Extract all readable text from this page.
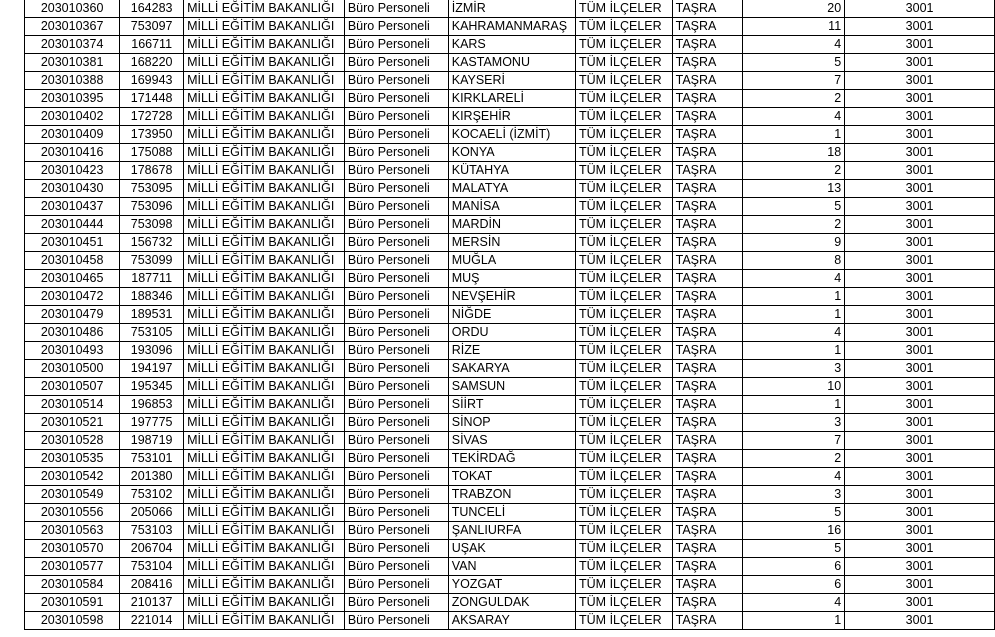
203010360	164283	MİLLİ EĞİTİM BAKANLIĞI	Büro Personeli	İZMİR	TÜM İLÇELER	TAŞRA	20	3001
203010367	753097	MİLLİ EĞİTİM BAKANLIĞI	Büro Personeli	KAHRAMANMARAŞ	TÜM İLÇELER	TAŞRA	11	3001
203010374	166711	MİLLİ EĞİTİM BAKANLIĞI	Büro Personeli	KARS	TÜM İLÇELER	TAŞRA	4	3001
203010381	168220	MİLLİ EĞİTİM BAKANLIĞI	Büro Personeli	KASTAMONU	TÜM İLÇELER	TAŞRA	5	3001
203010388	169943	MİLLİ EĞİTİM BAKANLIĞI	Büro Personeli	KAYSERİ	TÜM İLÇELER	TAŞRA	7	3001
203010395	171448	MİLLİ EĞİTİM BAKANLIĞI	Büro Personeli	KIRKLARELİ	TÜM İLÇELER	TAŞRA	2	3001
203010402	172728	MİLLİ EĞİTİM BAKANLIĞI	Büro Personeli	KIRŞEHİR	TÜM İLÇELER	TAŞRA	4	3001
203010409	173950	MİLLİ EĞİTİM BAKANLIĞI	Büro Personeli	KOCAELİ (İZMİT)	TÜM İLÇELER	TAŞRA	1	3001
203010416	175088	MİLLİ EĞİTİM BAKANLIĞI	Büro Personeli	KONYA	TÜM İLÇELER	TAŞRA	18	3001
203010423	178678	MİLLİ EĞİTİM BAKANLIĞI	Büro Personeli	KÜTAHYA	TÜM İLÇELER	TAŞRA	2	3001
203010430	753095	MİLLİ EĞİTİM BAKANLIĞI	Büro Personeli	MALATYA	TÜM İLÇELER	TAŞRA	13	3001
203010437	753096	MİLLİ EĞİTİM BAKANLIĞI	Büro Personeli	MANİSA	TÜM İLÇELER	TAŞRA	5	3001
203010444	753098	MİLLİ EĞİTİM BAKANLIĞI	Büro Personeli	MARDİN	TÜM İLÇELER	TAŞRA	2	3001
203010451	156732	MİLLİ EĞİTİM BAKANLIĞI	Büro Personeli	MERSİN	TÜM İLÇELER	TAŞRA	9	3001
203010458	753099	MİLLİ EĞİTİM BAKANLIĞI	Büro Personeli	MUĞLA	TÜM İLÇELER	TAŞRA	8	3001
203010465	187711	MİLLİ EĞİTİM BAKANLIĞI	Büro Personeli	MUŞ	TÜM İLÇELER	TAŞRA	4	3001
203010472	188346	MİLLİ EĞİTİM BAKANLIĞI	Büro Personeli	NEVŞEHİR	TÜM İLÇELER	TAŞRA	1	3001
203010479	189531	MİLLİ EĞİTİM BAKANLIĞI	Büro Personeli	NİĞDE	TÜM İLÇELER	TAŞRA	1	3001
203010486	753105	MİLLİ EĞİTİM BAKANLIĞI	Büro Personeli	ORDU	TÜM İLÇELER	TAŞRA	4	3001
203010493	193096	MİLLİ EĞİTİM BAKANLIĞI	Büro Personeli	RİZE	TÜM İLÇELER	TAŞRA	1	3001
203010500	194197	MİLLİ EĞİTİM BAKANLIĞI	Büro Personeli	SAKARYA	TÜM İLÇELER	TAŞRA	3	3001
203010507	195345	MİLLİ EĞİTİM BAKANLIĞI	Büro Personeli	SAMSUN	TÜM İLÇELER	TAŞRA	10	3001
203010514	196853	MİLLİ EĞİTİM BAKANLIĞI	Büro Personeli	SİİRT	TÜM İLÇELER	TAŞRA	1	3001
203010521	197775	MİLLİ EĞİTİM BAKANLIĞI	Büro Personeli	SİNOP	TÜM İLÇELER	TAŞRA	3	3001
203010528	198719	MİLLİ EĞİTİM BAKANLIĞI	Büro Personeli	SİVAS	TÜM İLÇELER	TAŞRA	7	3001
203010535	753101	MİLLİ EĞİTİM BAKANLIĞI	Büro Personeli	TEKİRDAĞ	TÜM İLÇELER	TAŞRA	2	3001
203010542	201380	MİLLİ EĞİTİM BAKANLIĞI	Büro Personeli	TOKAT	TÜM İLÇELER	TAŞRA	4	3001
203010549	753102	MİLLİ EĞİTİM BAKANLIĞI	Büro Personeli	TRABZON	TÜM İLÇELER	TAŞRA	3	3001
203010556	205066	MİLLİ EĞİTİM BAKANLIĞI	Büro Personeli	TUNCELİ	TÜM İLÇELER	TAŞRA	5	3001
203010563	753103	MİLLİ EĞİTİM BAKANLIĞI	Büro Personeli	ŞANLIURFA	TÜM İLÇELER	TAŞRA	16	3001
203010570	206704	MİLLİ EĞİTİM BAKANLIĞI	Büro Personeli	UŞAK	TÜM İLÇELER	TAŞRA	5	3001
203010577	753104	MİLLİ EĞİTİM BAKANLIĞI	Büro Personeli	VAN	TÜM İLÇELER	TAŞRA	6	3001
203010584	208416	MİLLİ EĞİTİM BAKANLIĞI	Büro Personeli	YOZGAT	TÜM İLÇELER	TAŞRA	6	3001
203010591	210137	MİLLİ EĞİTİM BAKANLIĞI	Büro Personeli	ZONGULDAK	TÜM İLÇELER	TAŞRA	4	3001
203010598	221014	MİLLİ EĞİTİM BAKANLIĞI	Büro Personeli	AKSARAY	TÜM İLÇELER	TAŞRA	1	3001
